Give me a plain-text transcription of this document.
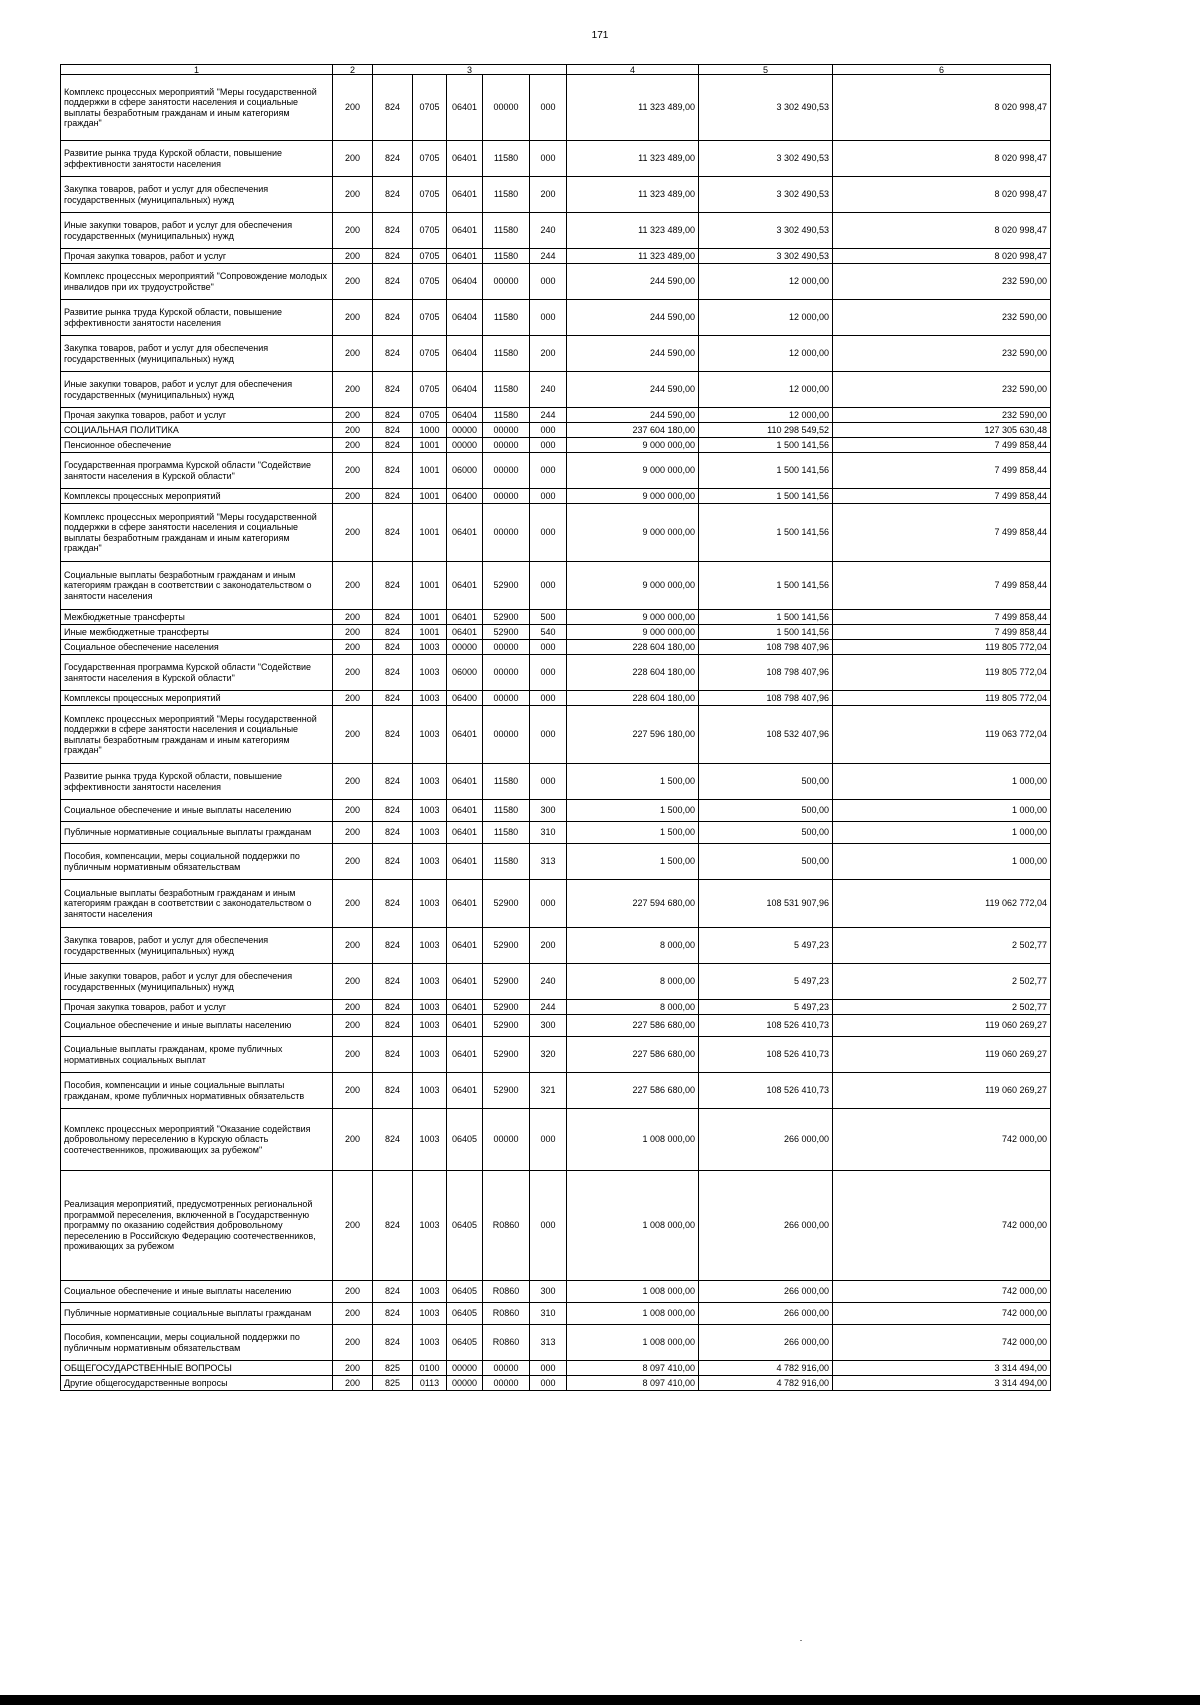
171
1	2	3					4	5	6
Комплекс процессных мероприятий "Меры государственной поддержки в сфере занятости населения и социальные выплаты безработным гражданам и иным категориям граждан"	200	824	0705	06401	00000	000	11 323 489,00	3 302 490,53	8 020 998,47
Развитие рынка труда Курской области, повышение эффективности занятости населения	200	824	0705	06401	11580	000	11 323 489,00	3 302 490,53	8 020 998,47
Закупка товаров, работ и услуг для обеспечения государственных (муниципальных) нужд	200	824	0705	06401	11580	200	11 323 489,00	3 302 490,53	8 020 998,47
Иные закупки товаров, работ и услуг для обеспечения государственных (муниципальных) нужд	200	824	0705	06401	11580	240	11 323 489,00	3 302 490,53	8 020 998,47
Прочая закупка товаров, работ и услуг	200	824	0705	06401	11580	244	11 323 489,00	3 302 490,53	8 020 998,47
Комплекс процессных мероприятий "Сопровождение молодых инвалидов при их трудоустройстве"	200	824	0705	06404	00000	000	244 590,00	12 000,00	232 590,00
Развитие рынка труда Курской области, повышение эффективности занятости населения	200	824	0705	06404	11580	000	244 590,00	12 000,00	232 590,00
Закупка товаров, работ и услуг для обеспечения государственных (муниципальных) нужд	200	824	0705	06404	11580	200	244 590,00	12 000,00	232 590,00
Иные закупки товаров, работ и услуг для обеспечения государственных (муниципальных) нужд	200	824	0705	06404	11580	240	244 590,00	12 000,00	232 590,00
Прочая закупка товаров, работ и услуг	200	824	0705	06404	11580	244	244 590,00	12 000,00	232 590,00
СОЦИАЛЬНАЯ ПОЛИТИКА	200	824	1000	00000	00000	000	237 604 180,00	110 298 549,52	127 305 630,48
Пенсионное обеспечение	200	824	1001	00000	00000	000	9 000 000,00	1 500 141,56	7 499 858,44
Государственная программа Курской области "Содействие занятости населения в Курской области"	200	824	1001	06000	00000	000	9 000 000,00	1 500 141,56	7 499 858,44
Комплексы процессных мероприятий	200	824	1001	06400	00000	000	9 000 000,00	1 500 141,56	7 499 858,44
Комплекс процессных мероприятий "Меры государственной поддержки в сфере занятости населения и социальные выплаты безработным гражданам и иным категориям граждан"	200	824	1001	06401	00000	000	9 000 000,00	1 500 141,56	7 499 858,44
Социальные выплаты безработным гражданам и иным категориям граждан в соответствии с законодательством о занятости населения	200	824	1001	06401	52900	000	9 000 000,00	1 500 141,56	7 499 858,44
Межбюджетные трансферты	200	824	1001	06401	52900	500	9 000 000,00	1 500 141,56	7 499 858,44
Иные межбюджетные трансферты	200	824	1001	06401	52900	540	9 000 000,00	1 500 141,56	7 499 858,44
Социальное обеспечение населения	200	824	1003	00000	00000	000	228 604 180,00	108 798 407,96	119 805 772,04
Государственная программа Курской области "Содействие занятости населения в Курской области"	200	824	1003	06000	00000	000	228 604 180,00	108 798 407,96	119 805 772,04
Комплексы процессных мероприятий	200	824	1003	06400	00000	000	228 604 180,00	108 798 407,96	119 805 772,04
Комплекс процессных мероприятий "Меры государственной поддержки в сфере занятости населения и социальные выплаты безработным гражданам и иным категориям граждан"	200	824	1003	06401	00000	000	227 596 180,00	108 532 407,96	119 063 772,04
Развитие рынка труда Курской области, повышение эффективности занятости населения	200	824	1003	06401	11580	000	1 500,00	500,00	1 000,00
Социальное обеспечение и иные выплаты населению	200	824	1003	06401	11580	300	1 500,00	500,00	1 000,00
Публичные нормативные социальные выплаты гражданам	200	824	1003	06401	11580	310	1 500,00	500,00	1 000,00
Пособия, компенсации, меры социальной поддержки по публичным нормативным обязательствам	200	824	1003	06401	11580	313	1 500,00	500,00	1 000,00
Социальные выплаты безработным гражданам и иным категориям граждан в соответствии с законодательством о занятости населения	200	824	1003	06401	52900	000	227 594 680,00	108 531 907,96	119 062 772,04
Закупка товаров, работ и услуг для обеспечения государственных (муниципальных) нужд	200	824	1003	06401	52900	200	8 000,00	5 497,23	2 502,77
Иные закупки товаров, работ и услуг для обеспечения государственных (муниципальных) нужд	200	824	1003	06401	52900	240	8 000,00	5 497,23	2 502,77
Прочая закупка товаров, работ и услуг	200	824	1003	06401	52900	244	8 000,00	5 497,23	2 502,77
Социальное обеспечение и иные выплаты населению	200	824	1003	06401	52900	300	227 586 680,00	108 526 410,73	119 060 269,27
Социальные выплаты гражданам, кроме публичных нормативных социальных выплат	200	824	1003	06401	52900	320	227 586 680,00	108 526 410,73	119 060 269,27
Пособия, компенсации и иные социальные выплаты гражданам, кроме публичных нормативных обязательств	200	824	1003	06401	52900	321	227 586 680,00	108 526 410,73	119 060 269,27
Комплекс процессных мероприятий "Оказание содействия добровольному переселению в Курскую область соотечественников, проживающих за рубежом"	200	824	1003	06405	00000	000	1 008 000,00	266 000,00	742 000,00
Реализация мероприятий, предусмотренных региональной программой переселения, включенной в Государственную программу по оказанию содействия добровольному переселению в Российскую Федерацию соотечественников, проживающих за рубежом	200	824	1003	06405	R0860	000	1 008 000,00	266 000,00	742 000,00
Социальное обеспечение и иные выплаты населению	200	824	1003	06405	R0860	300	1 008 000,00	266 000,00	742 000,00
Публичные нормативные социальные выплаты гражданам	200	824	1003	06405	R0860	310	1 008 000,00	266 000,00	742 000,00
Пособия, компенсации, меры социальной поддержки по публичным нормативным обязательствам	200	824	1003	06405	R0860	313	1 008 000,00	266 000,00	742 000,00
ОБЩЕГОСУДАРСТВЕННЫЕ ВОПРОСЫ	200	825	0100	00000	00000	000	8 097 410,00	4 782 916,00	3 314 494,00
Другие общегосударственные вопросы	200	825	0113	00000	00000	000	8 097 410,00	4 782 916,00	3 314 494,00
